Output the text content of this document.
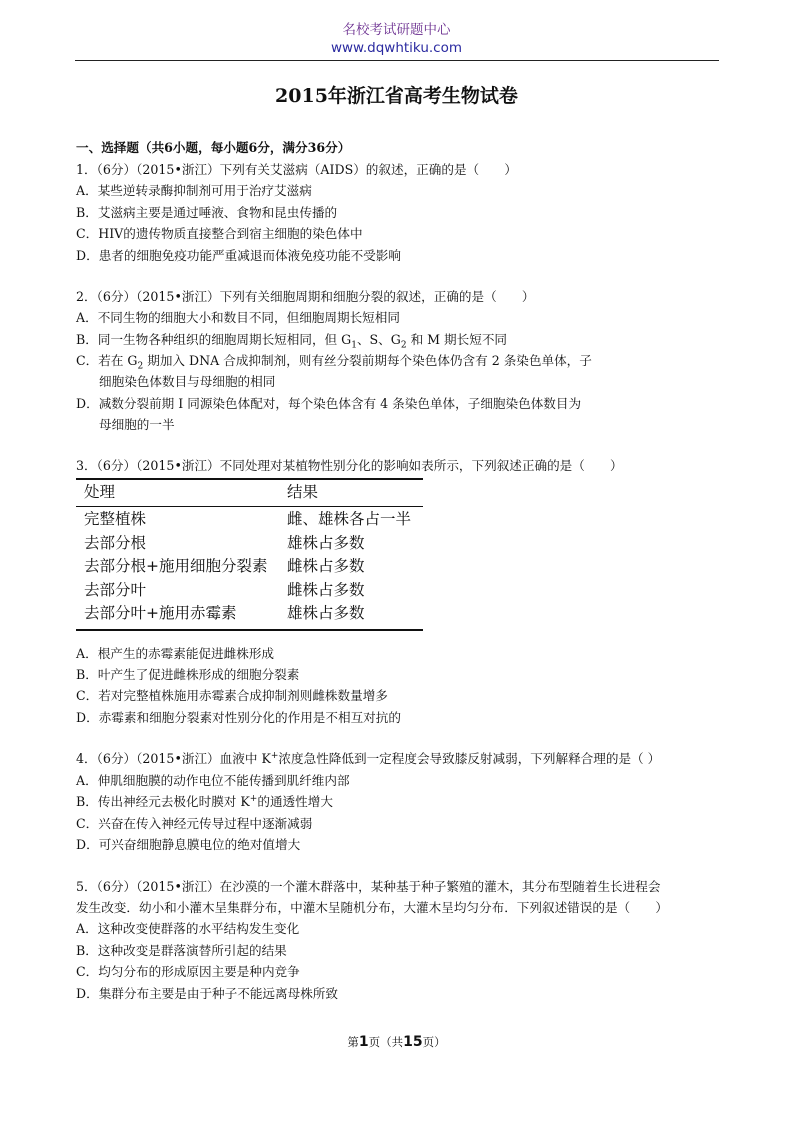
名校考试研题中心
www.dqwhtiku.com
2015年浙江省高考生物试卷
一、选择题（共6小题，每小题6分，满分36分）
1．（6分）（2015•浙江）下列有关艾滋病（AIDS）的叙述，正确的是（　　）
A．某些逆转录酶抑制剂可用于治疗艾滋病
B．艾滋病主要是通过唾液、食物和昆虫传播的
C．HIV的遗传物质直接整合到宿主细胞的染色体中
D．患者的细胞免疫功能严重减退而体液免疫功能不受影响
2．（6分）（2015•浙江）下列有关细胞周期和细胞分裂的叙述，正确的是（　　）
A．不同生物的细胞大小和数目不同，但细胞周期长短相同
B．同一生物各种组织的细胞周期长短相同，但 $G_1$、S、$G_2$ 和 M 期长短不同
C．若在 $G_2$ 期加入 DNA 合成抑制剂，则有丝分裂前期每个染色体仍含有 2 条染色单体，子
细胞染色体数目与母细胞的相同
D．减数分裂前期 I 同源染色体配对，每个染色体含有 4 条染色单体，子细胞染色体数目为
母细胞的一半
3．（6分）（2015•浙江）不同处理对某植物性别分化的影响如表所示，下列叙述正确的是（　　）
处理	结果
完整植株	雌、雄株各占一半
去部分根	雄株占多数
去部分根+施用细胞分裂素 雌株占多数
去部分叶	雌株占多数
去部分叶+施用赤霉素	雄株占多数
A．根产生的赤霉素能促进雌株形成
B．叶产生了促进雌株形成的细胞分裂素
C．若对完整植株施用赤霉素合成抑制剂则雌株数量增多
D．赤霉素和细胞分裂素对性别分化的作用是不相互对抗的
4．（6分）（2015•浙江）血液中 K+浓度急性降低到一定程度会导致膝反射减弱，下列解释合理的是（ ）
A．伸肌细胞膜的动作电位不能传播到肌纤维内部
B．传出神经元去极化时膜对 K+的通透性增大
C．兴奋在传入神经元传导过程中逐渐减弱
D．可兴奋细胞静息膜电位的绝对值增大
5．（6分）（2015•浙江）在沙漠的一个灌木群落中，某种基于种子繁殖的灌木，其分布型随着生长进程会
发生改变．幼小和小灌木呈集群分布，中灌木呈随机分布，大灌木呈均匀分布．下列叙述错误的是（　　）
A．这种改变使群落的水平结构发生变化
B．这种改变是群落演替所引起的结果
C．均匀分布的形成原因主要是种内竞争
D．集群分布主要是由于种子不能远离母株所致
第1页（共15页）
